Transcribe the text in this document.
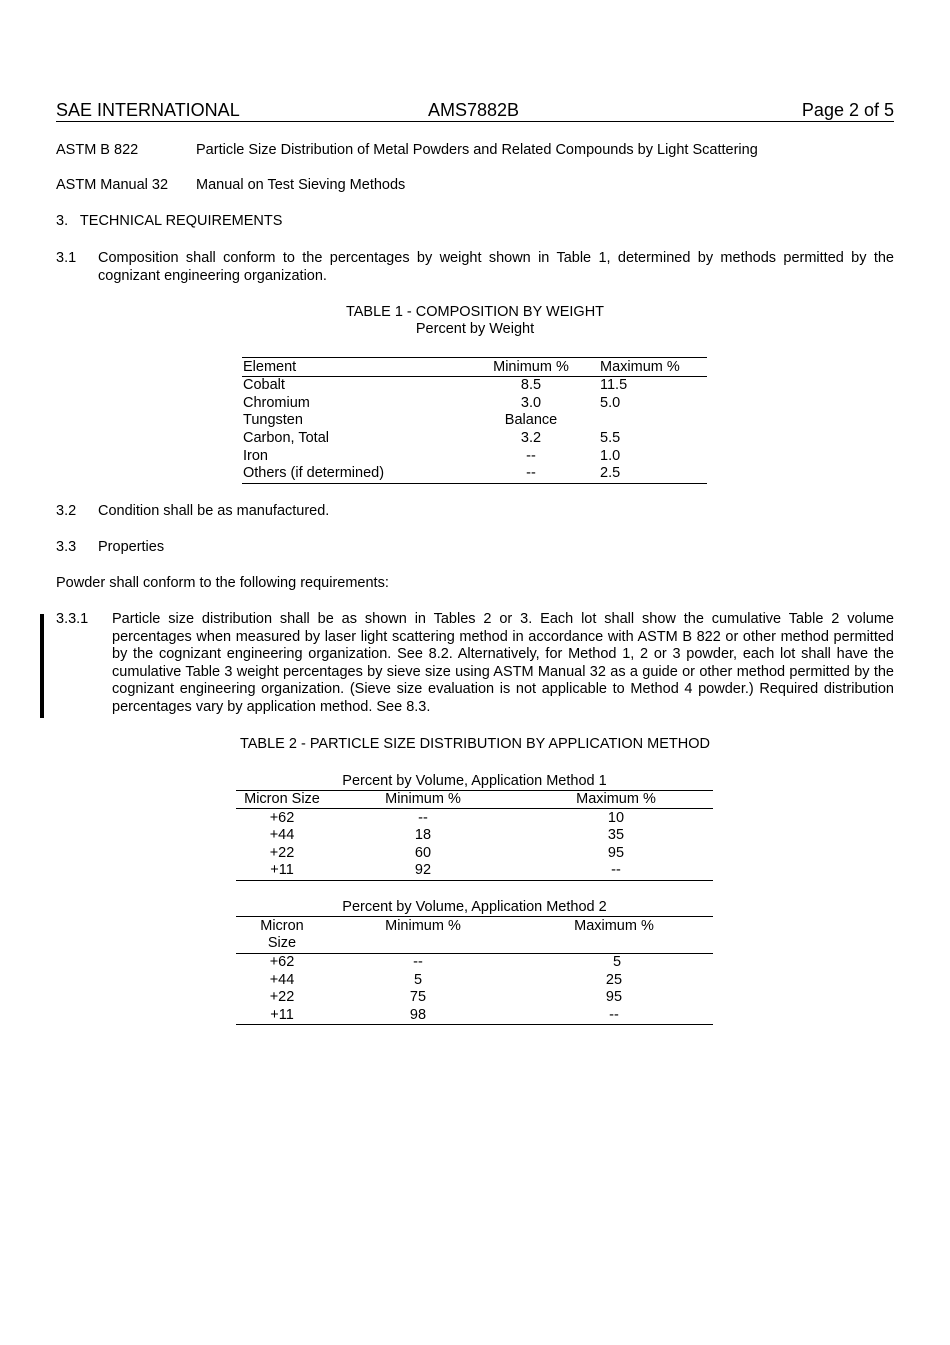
SAE INTERNATIONAL	AMS7882B	Page 2 of 5
ASTM B 822	Particle Size Distribution of Metal Powders and Related Compounds by Light Scattering
ASTM Manual 32 Manual on Test Sieving Methods
3.   TECHNICAL REQUIREMENTS
3.1 Composition shall conform to the percentages by weight shown in Table 1, determined by methods permitted by the cognizant engineering organization.
TABLE 1 - COMPOSITION BY WEIGHT
Percent by Weight
Element	Minimum %	Maximum %
Cobalt	8.5	11.5
Chromium	3.0	5.0
Tungsten	Balance
Carbon, Total	3.2	5.5
Iron	--	1.0
Others (if determined)	--	2.5
3.2 Condition shall be as manufactured.
3.3 Properties
Powder shall conform to the following requirements:
3.3.1 Particle size distribution shall be as shown in Tables 2 or 3. Each lot shall show the cumulative Table 2 volume percentages when measured by laser light scattering method in accordance with ASTM B 822 or other method permitted by the cognizant engineering organization. See 8.2. Alternatively, for Method 1, 2 or 3 powder, each lot shall have the cumulative Table 3 weight percentages by sieve size using ASTM Manual 32 as a guide or other method permitted by the cognizant engineering organization. (Sieve size evaluation is not applicable to Method 4 powder.) Required distribution percentages vary by application method. See 8.3.
TABLE 2 - PARTICLE SIZE DISTRIBUTION BY APPLICATION METHOD
Percent by Volume, Application Method 1
Micron Size	Minimum %	Maximum %
+62	--	10
+44	18	35
+22	60	95
+11	92	--
Percent by Volume, Application Method 2
Micron
Size
Minimum %	Maximum %
+62	--	5
+44	5	25
+22	75	95
+11	98	--
